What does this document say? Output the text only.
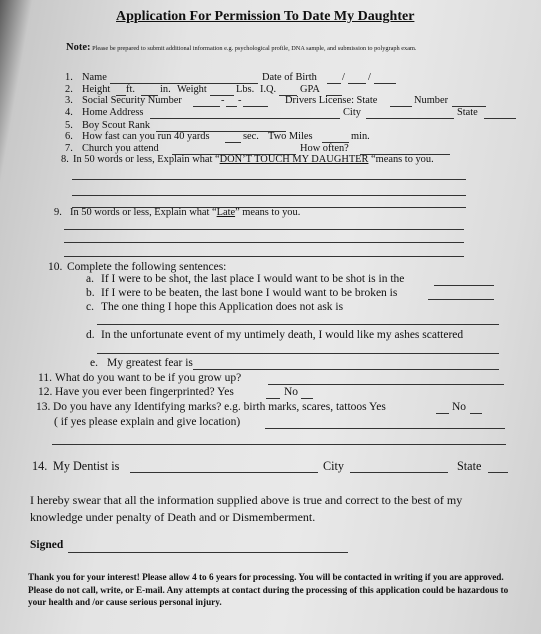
Application For Permission To Date My Daughter
Note: Please be prepared to submit additional information e.g. psychological profile, DNA sample, and submission to polygraph exam.
1. Name	Date of Birth / /
2. Height ft. in. Weight	Lbs. I.Q. GPA
3. Social Security Number	- -	Drivers License: State	Number
4. Home Address	City	State
5. Boy Scout Rank
6. How fast can you run 40 yards	sec. Two Miles	min.
7. Church you attend	How often?
8. In 50 words or less, Explain what “DON’T TOUCH MY DAUGHTER “means to you.
9. In 50 words or less, Explain what “Late” means to you.
10. Complete the following sentences:
a. If I were to be shot, the last place I would want to be shot is in the
b. If I were to be beaten, the last bone I would want to be broken is
c. The one thing I hope this Application does not ask is
d. In the unfortunate event of my untimely death, I would like my ashes scattered
e. My greatest fear is
11. What do you want to be if you grow up?
12. Have you ever been fingerprinted? Yes	No
13. Do you have any Identifying marks? e.g. birth marks, scares, tattoos Yes	No
( if yes please explain and give location)
14. My Dentist is	City	State
I hereby swear that all the information supplied above is true and correct to the best of my knowledge under penalty of Death and or Dismemberment.
Signed
Thank you for your interest! Please allow 4 to 6 years for processing. You will be contacted in writing if you are approved. Please do not call, write, or E-mail. Any attempts at contact during the processing of this application could be hazardous to your health and /or cause serious personal injury.
